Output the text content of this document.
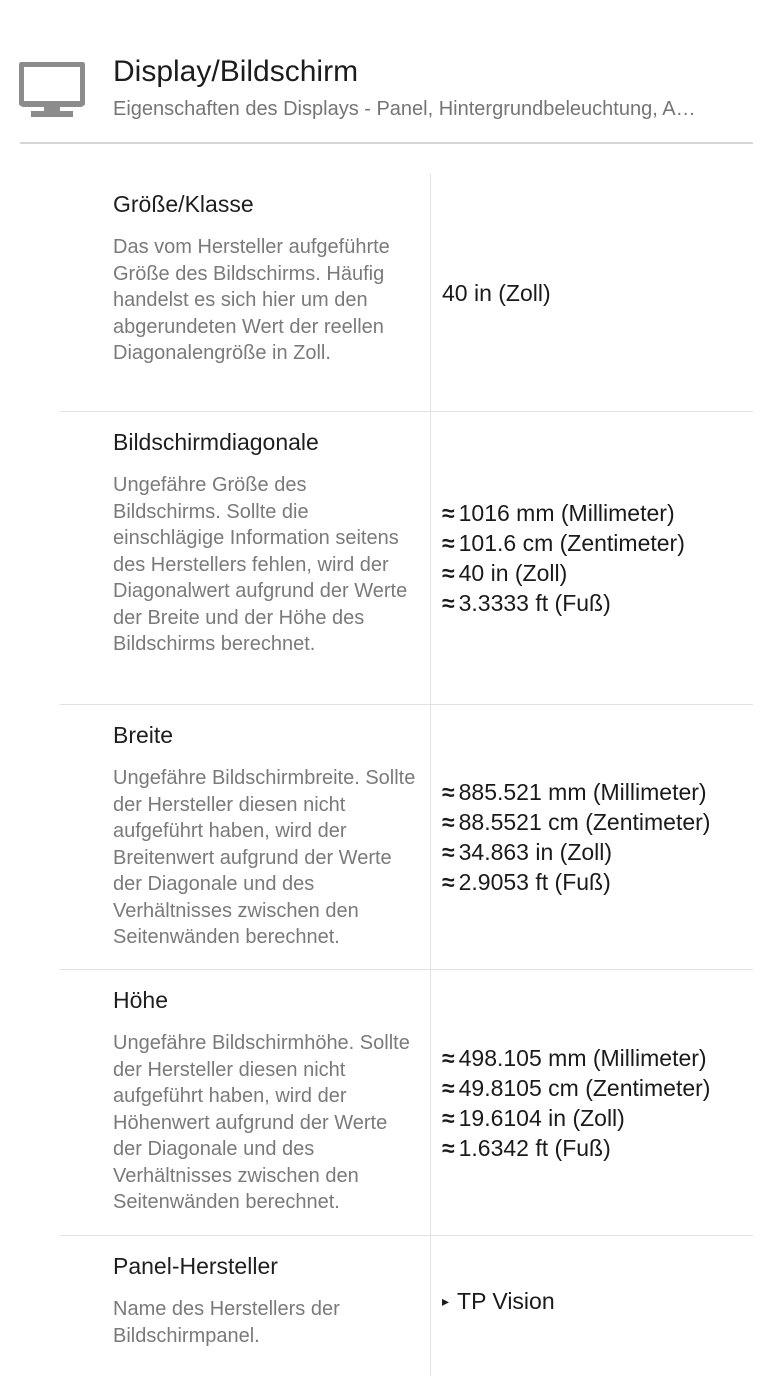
Display/Bildschirm
Eigenschaften des Displays - Panel, Hintergrundbeleuchtung, A…
Größe/Klasse

Das vom Hersteller aufgeführte Größe des Bildschirms. Häufig handelst es sich hier um den abgerundeten Wert der reellen Diagonalengröße in Zoll.

40 in (Zoll)
Bildschirmdiagonale

Ungefähre Größe des Bildschirms. Sollte die einschlägige Information seitens des Herstellers fehlen, wird der Diagonalwert aufgrund der Werte der Breite und der Höhe des Bildschirms berechnet.

≈ 1016 mm (Millimeter)
≈ 101.6 cm (Zentimeter)
≈ 40 in (Zoll)
≈ 3.3333 ft (Fuß)
Breite

Ungefähre Bildschirmbreite. Sollte der Hersteller diesen nicht aufgeführt haben, wird der Breitenwert aufgrund der Werte der Diagonale und des Verhältnisses zwischen den Seitenwänden berechnet.

≈ 885.521 mm (Millimeter)
≈ 88.5521 cm (Zentimeter)
≈ 34.863 in (Zoll)
≈ 2.9053 ft (Fuß)
Höhe

Ungefähre Bildschirmhöhe. Sollte der Hersteller diesen nicht aufgeführt haben, wird der Höhenwert aufgrund der Werte der Diagonale und des Verhältnisses zwischen den Seitenwänden berechnet.

≈ 498.105 mm (Millimeter)
≈ 49.8105 cm (Zentimeter)
≈ 19.6104 in (Zoll)
≈ 1.6342 ft (Fuß)
Panel-Hersteller

Name des Herstellers der Bildschirmpanel.

▸ TP Vision
